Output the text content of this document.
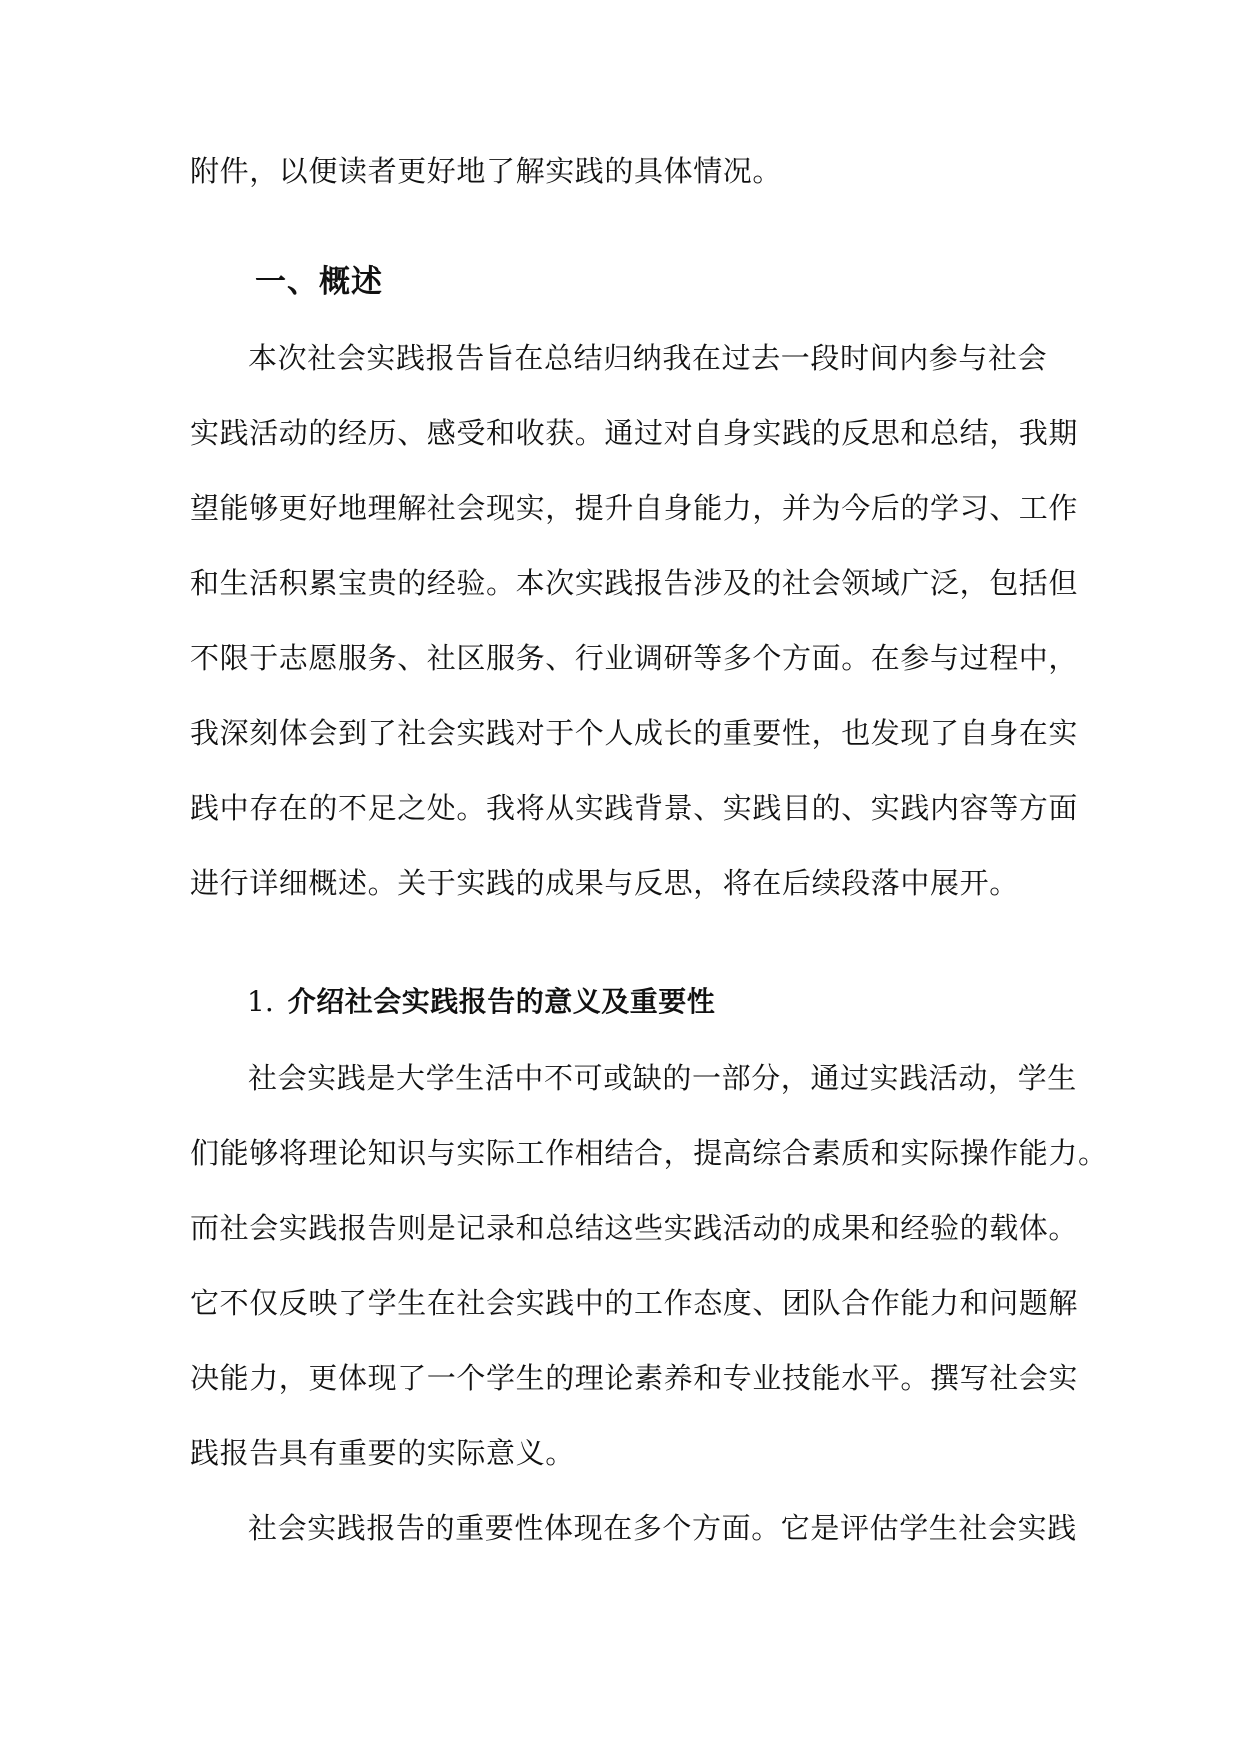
附件，以便读者更好地了解实践的具体情况。
一、概述
本次社会实践报告旨在总结归纳我在过去一段时间内参与社会
实践活动的经历、感受和收获。通过对自身实践的反思和总结，我期
望能够更好地理解社会现实，提升自身能力，并为今后的学习、工作
和生活积累宝贵的经验。本次实践报告涉及的社会领域广泛，包括但
不限于志愿服务、社区服务、行业调研等多个方面。在参与过程中，
我深刻体会到了社会实践对于个人成长的重要性，也发现了自身在实
践中存在的不足之处。我将从实践背景、实践目的、实践内容等方面
进行详细概述。关于实践的成果与反思，将在后续段落中展开。
1. 介绍社会实践报告的意义及重要性
社会实践是大学生活中不可或缺的一部分，通过实践活动，学生
们能够将理论知识与实际工作相结合，提高综合素质和实际操作能力。
而社会实践报告则是记录和总结这些实践活动的成果和经验的载体。
它不仅反映了学生在社会实践中的工作态度、团队合作能力和问题解
决能力，更体现了一个学生的理论素养和专业技能水平。撰写社会实
践报告具有重要的实际意义。
社会实践报告的重要性体现在多个方面。它是评估学生社会实践
